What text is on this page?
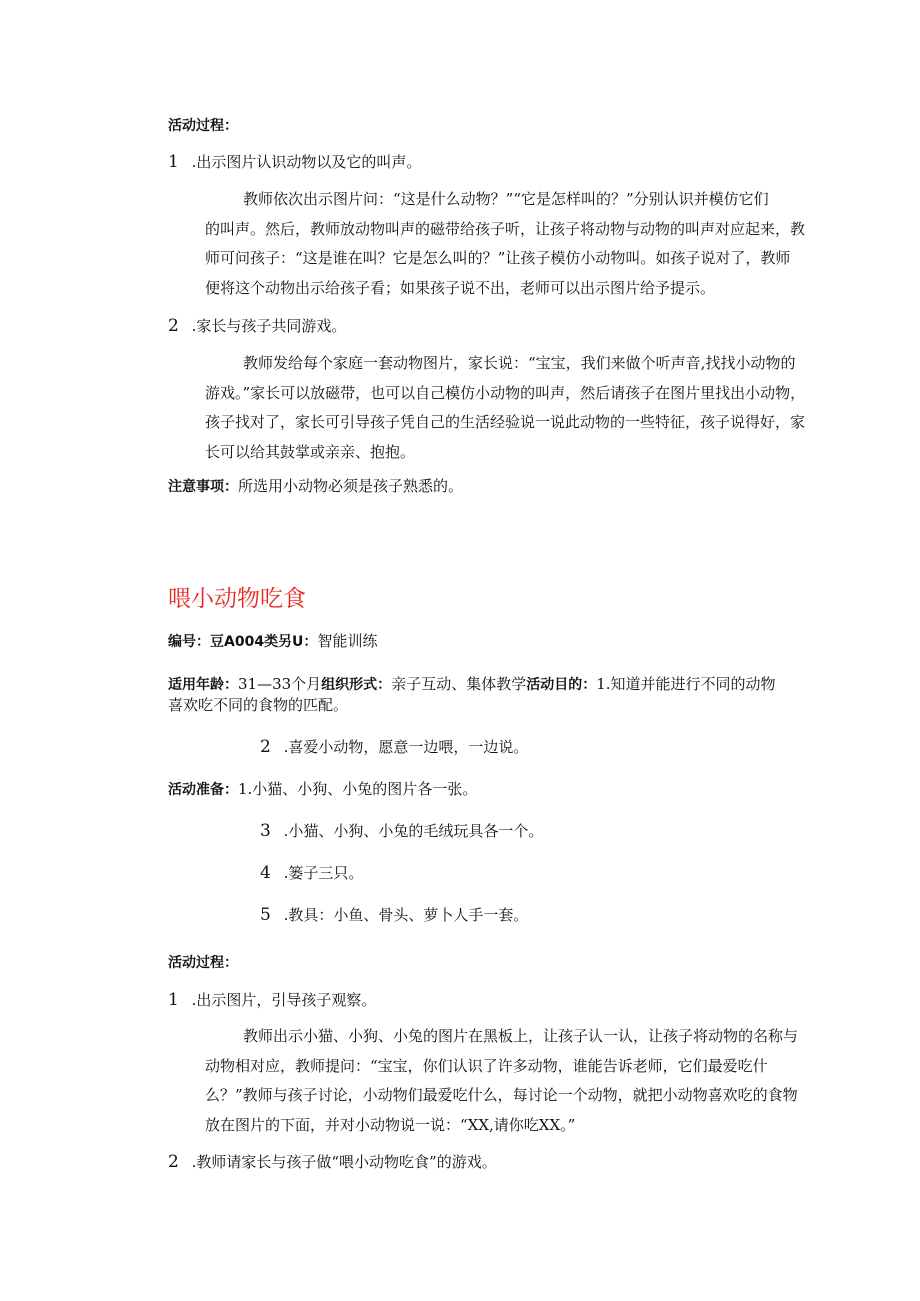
活动过程：
1 .出示图片认识动物以及它的叫声。
教师依次出示图片问：“这是什么动物？”“它是怎样叫的？”分别认识并模仿它们
的叫声。然后，教师放动物叫声的磁带给孩子听，让孩子将动物与动物的叫声对应起来，教
师可问孩子：“这是谁在叫？它是怎么叫的？”让孩子模仿小动物叫。如孩子说对了，教师
便将这个动物出示给孩子看；如果孩子说不出，老师可以出示图片给予提示。
2 .家长与孩子共同游戏。
教师发给每个家庭一套动物图片，家长说：“宝宝，我们来做个听声音,找找小动物的
游戏。”家长可以放磁带，也可以自己模仿小动物的叫声，然后请孩子在图片里找出小动物，
孩子找对了，家长可引导孩子凭自己的生活经验说一说此动物的一些特征，孩子说得好，家
长可以给其鼓掌或亲亲、抱抱。
注意事项：所选用小动物必须是孩子熟悉的。
喂小动物吃食
编号：豆A004类另U：智能训练
适用年龄：31—33个月组织形式：亲子互动、集体教学活动目的：1.知道并能进行不同的动物
喜欢吃不同的食物的匹配。
2 .喜爱小动物，愿意一边喂，一边说。
活动准备：1.小猫、小狗、小兔的图片各一张。
3 .小猫、小狗、小兔的毛绒玩具各一个。
4 .篓子三只。
5 .教具：小鱼、骨头、萝卜人手一套。
活动过程：
1 .出示图片，引导孩子观察。
教师出示小猫、小狗、小兔的图片在黑板上，让孩子认一认，让孩子将动物的名称与
动物相对应，教师提问：“宝宝，你们认识了许多动物，谁能告诉老师，它们最爱吃什
么？”教师与孩子讨论，小动物们最爱吃什么，每讨论一个动物，就把小动物喜欢吃的食物
放在图片的下面，并对小动物说一说：“XX,请你吃XX。”
2 .教师请家长与孩子做“喂小动物吃食”的游戏。
